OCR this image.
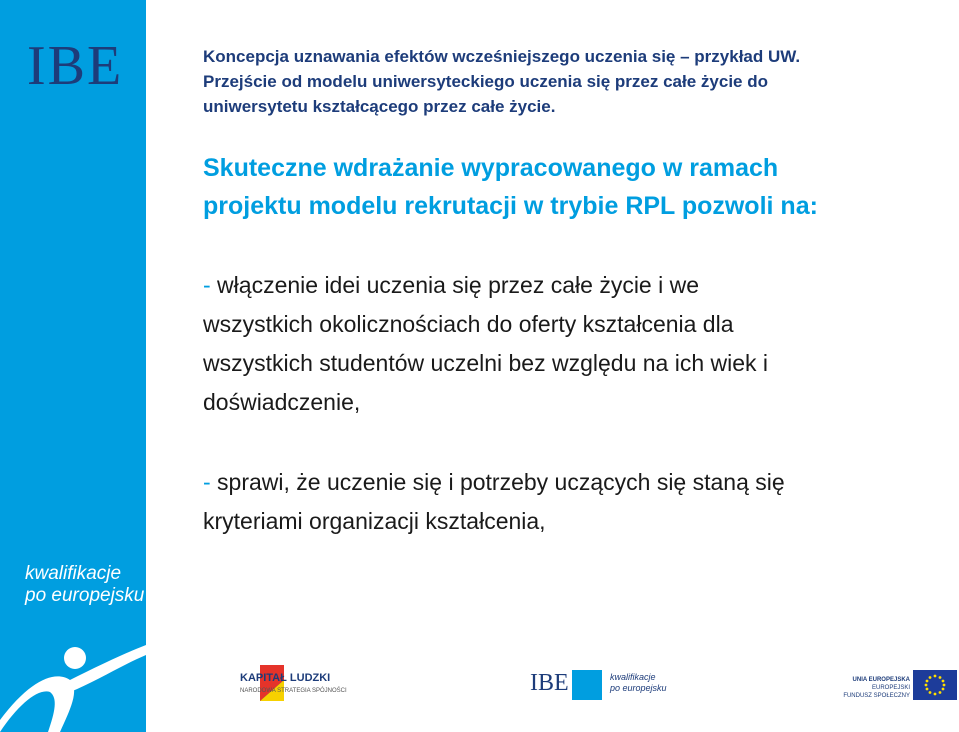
IBE
kwalifikacje
po europejsku
Koncepcja uznawania efektów wcześniejszego uczenia się – przykład UW.
Przejście od modelu uniwersyteckiego uczenia się przez całe życie do
uniwersytetu kształcącego przez całe życie.
Skuteczne wdrażanie wypracowanego w ramach
projektu modelu rekrutacji w trybie RPL pozwoli na:
- włączenie idei uczenia się przez całe życie i we
wszystkich okolicznościach do oferty kształcenia dla
wszystkich studentów uczelni bez względu na ich wiek i
doświadczenie,
- sprawi, że uczenie się i potrzeby uczących się staną się
kryteriami organizacji kształcenia,
KAPITAŁ LUDZKI
NARODOWA STRATEGIA SPÓJNOŚCI	IBE	kwalifikacje
po europejsku
UNIA EUROPEJSKA
EUROPEJSKI
FUNDUSZ SPOŁECZNY
